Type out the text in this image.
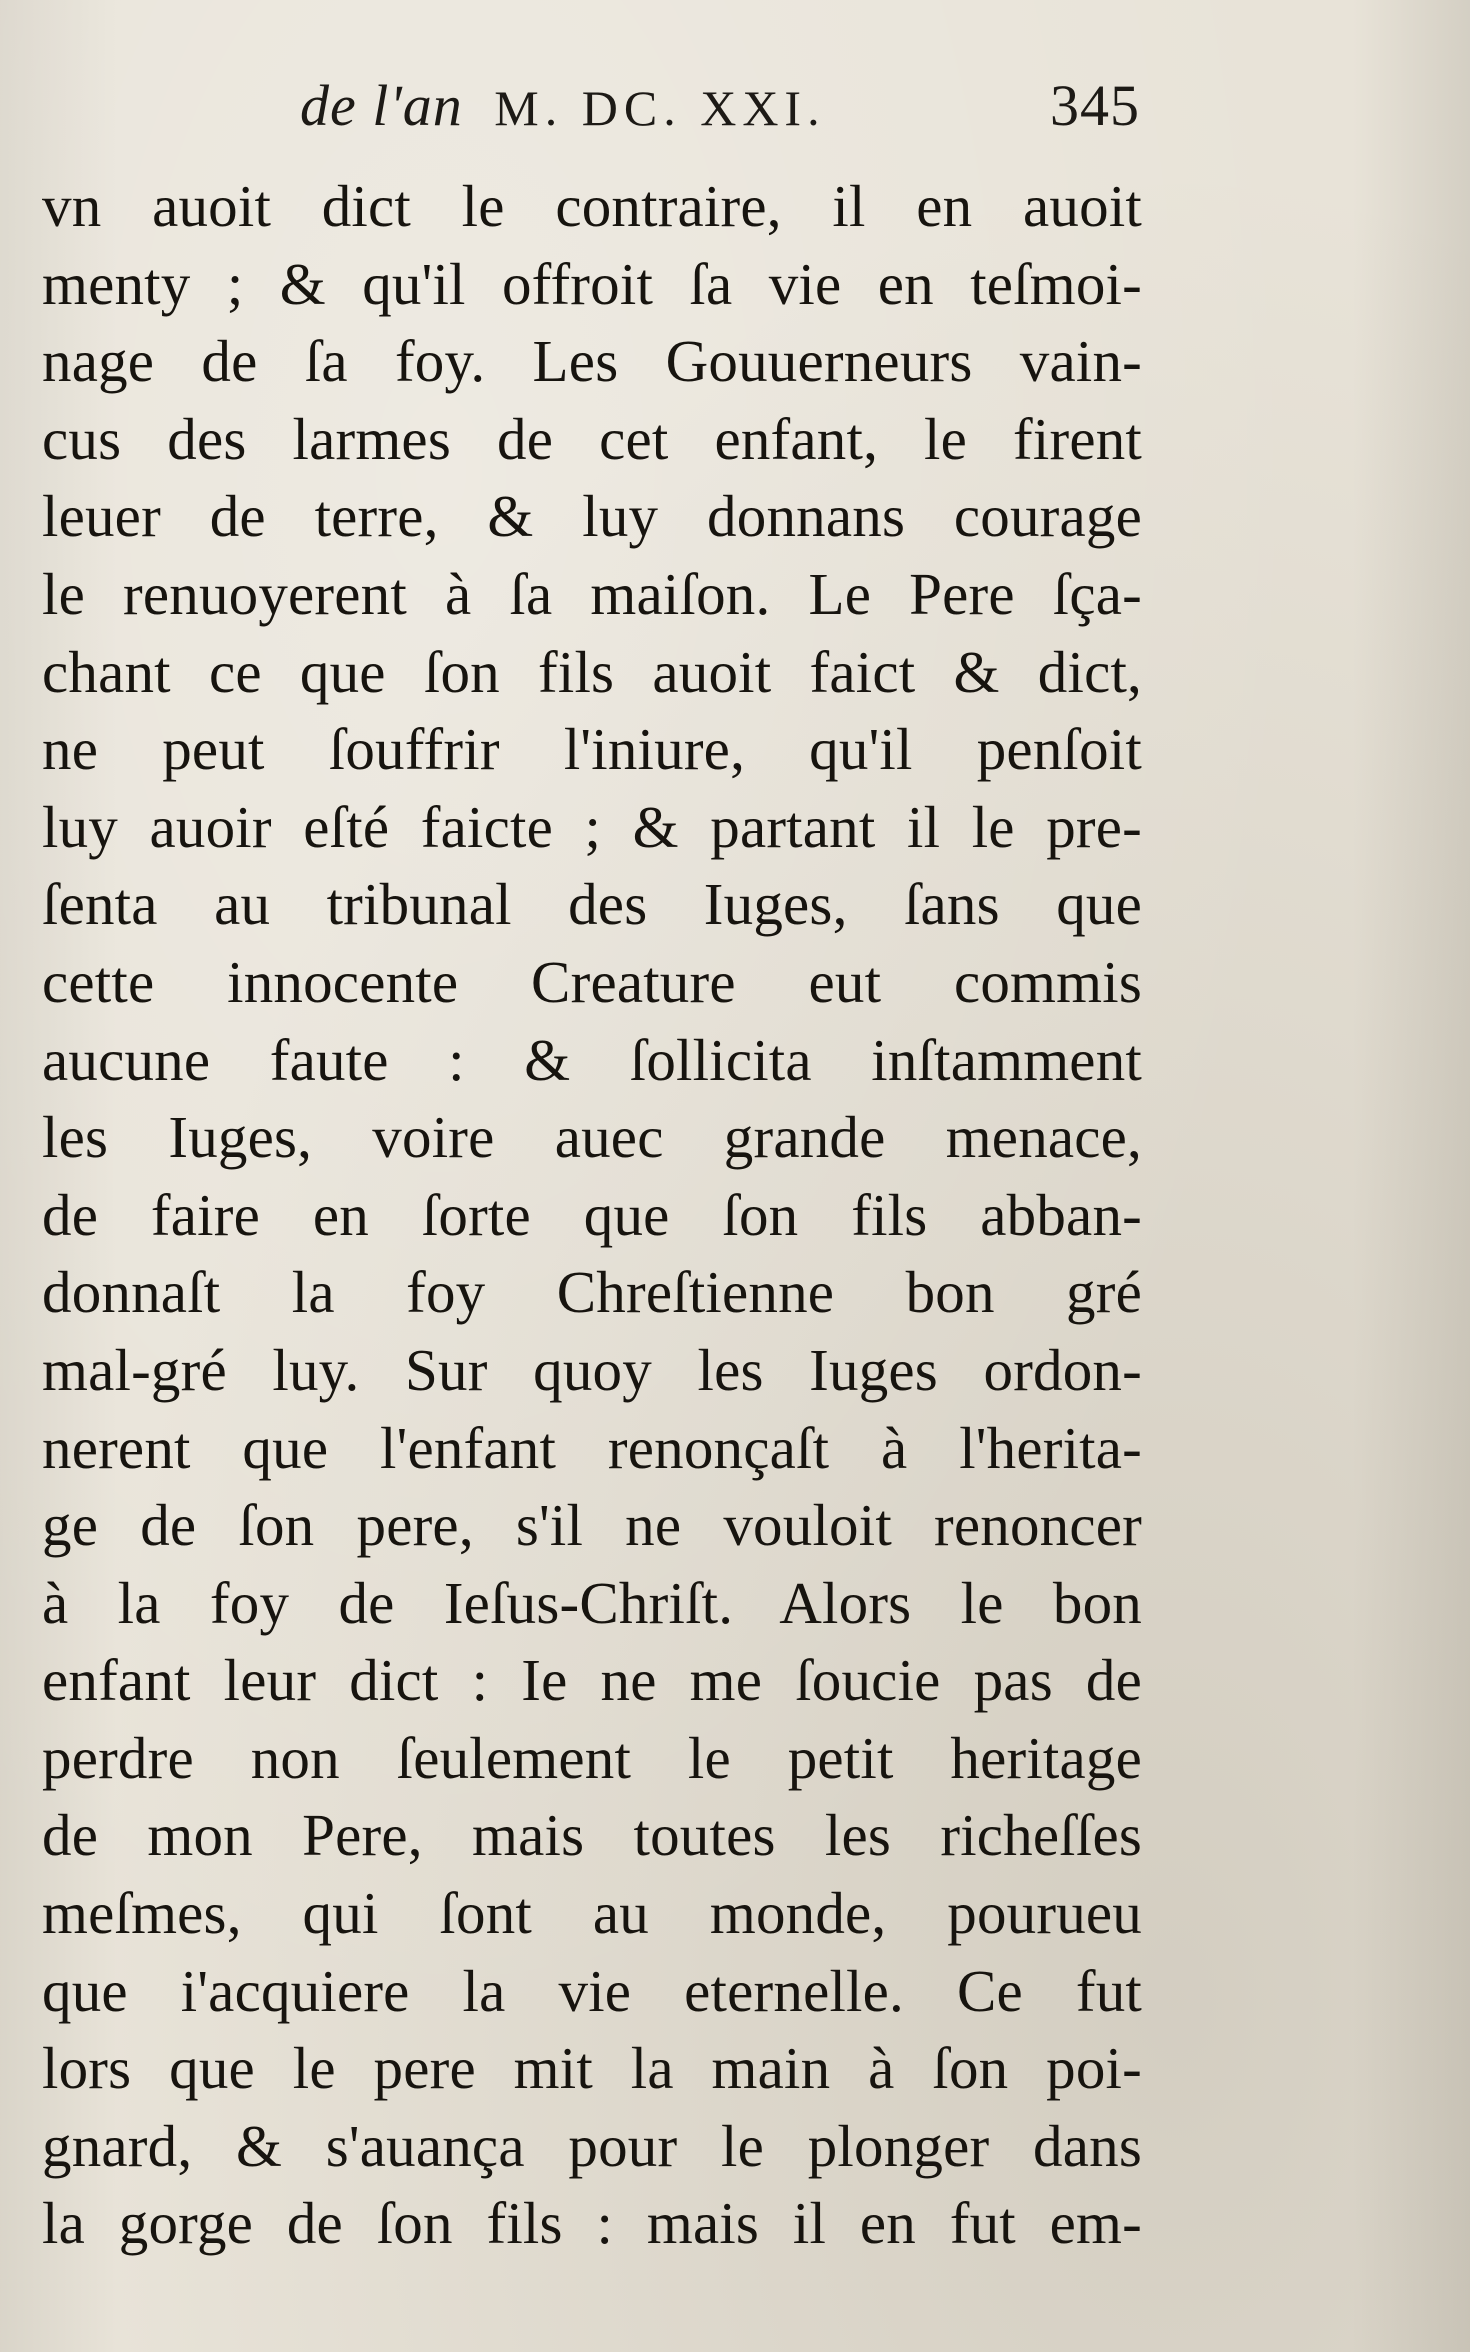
de l'an M. DC. XXI.	345
vn auoit dict le contraire, il en auoit
menty ; & qu'il offroit ſa vie en teſmoi-
nage de ſa foy. Les Gouuerneurs vain-
cus des larmes de cet enfant, le firent
leuer de terre, & luy donnans courage
le renuoyerent à ſa maiſon. Le Pere ſça-
chant ce que ſon fils auoit faict & dict,
ne peut ſouffrir l'iniure, qu'il penſoit
luy auoir eſté faicte ; & partant il le pre-
ſenta au tribunal des Iuges, ſans que
cette innocente Creature eut commis
aucune faute : & ſollicita inſtamment
les Iuges, voire auec grande menace,
de faire en ſorte que ſon fils abban-
donnaſt la foy Chreſtienne bon gré
mal-gré luy. Sur quoy les Iuges ordon-
nerent que l'enfant renonçaſt à l'herita-
ge de ſon pere, s'il ne vouloit renoncer
à la foy de Ieſus-Chriſt. Alors le bon
enfant leur dict : Ie ne me ſoucie pas de
perdre non ſeulement le petit heritage
de mon Pere, mais toutes les richeſſes
meſmes, qui ſont au monde, pourueu
que i'acquiere la vie eternelle. Ce fut
lors que le pere mit la main à ſon poi-
gnard, & s'auança pour le plonger dans
la gorge de ſon fils : mais il en fut em-
